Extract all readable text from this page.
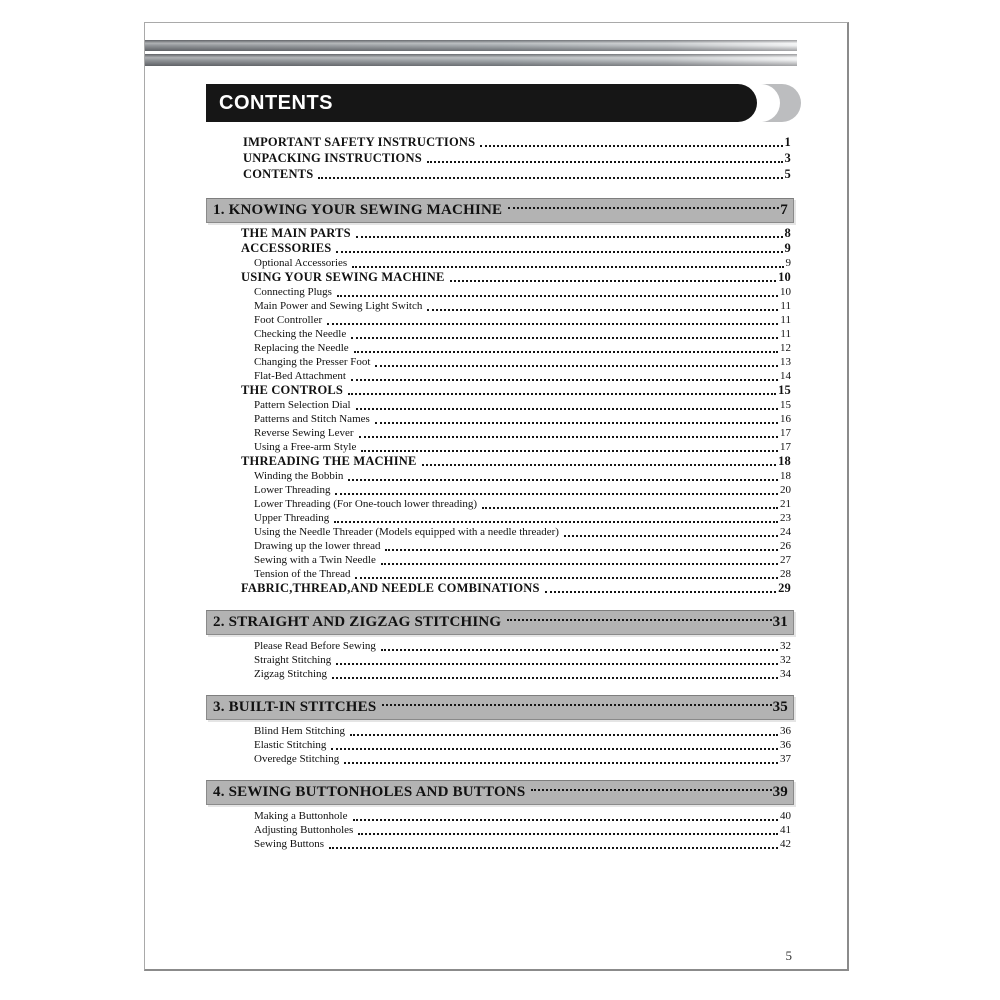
CONTENTS
IMPORTANT SAFETY INSTRUCTIONS	1
UNPACKING INSTRUCTIONS	3
CONTENTS	5
1. KNOWING YOUR SEWING MACHINE	7
THE MAIN PARTS	8
ACCESSORIES	9
Optional Accessories	9
USING YOUR SEWING MACHINE	10
Connecting Plugs	10
Main Power and Sewing Light Switch	11
Foot Controller	11
Checking the Needle	11
Replacing the Needle	12
Changing the Presser Foot	13
Flat-Bed Attachment	14
THE CONTROLS	15
Pattern Selection Dial	15
Patterns and Stitch Names	16
Reverse Sewing Lever	17
Using a Free-arm Style	17
THREADING THE MACHINE	18
Winding the Bobbin	18
Lower Threading	20
Lower Threading (For One-touch lower threading)	21
Upper Threading	23
Using the Needle Threader (Models equipped with a needle threader)	24
Drawing up the lower thread	26
Sewing with a Twin Needle	27
Tension of the Thread	28
FABRIC,THREAD,AND NEEDLE COMBINATIONS	29
2. STRAIGHT AND ZIGZAG STITCHING	31
Please Read Before Sewing	32
Straight Stitching	32
Zigzag Stitching	34
3. BUILT-IN STITCHES	35
Blind Hem Stitching	36
Elastic Stitching	36
Overedge Stitching	37
4. SEWING BUTTONHOLES AND BUTTONS	39
Making a Buttonhole	40
Adjusting Buttonholes	41
Sewing Buttons	42
5
